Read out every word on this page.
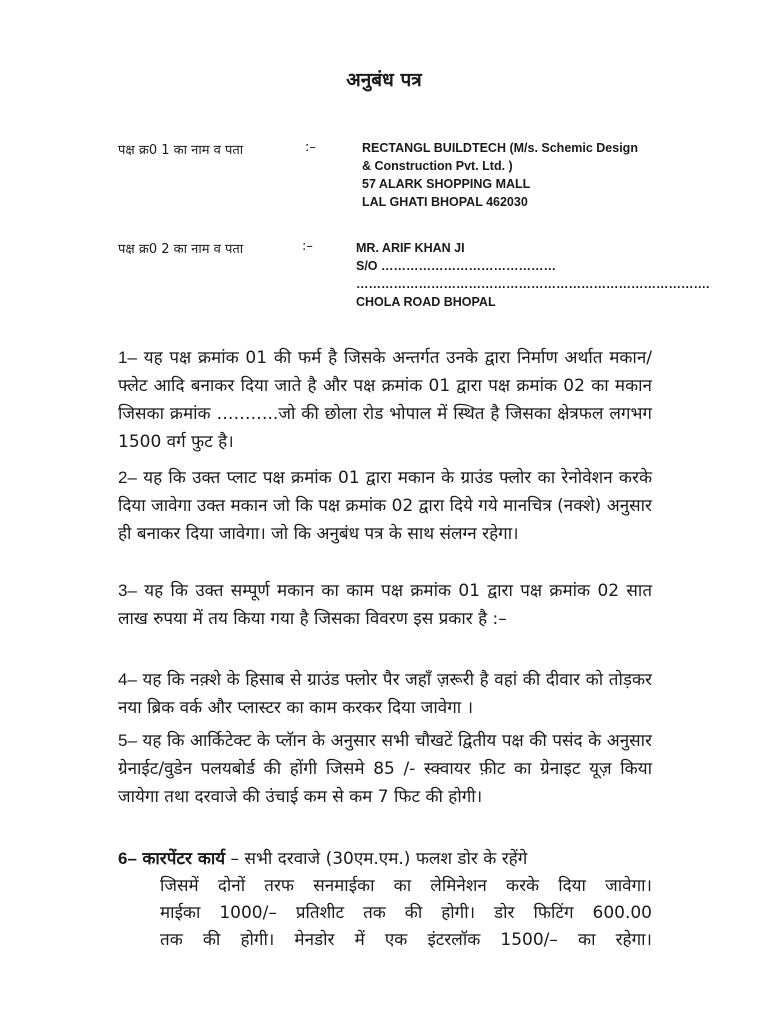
अनुबंध पत्र
पक्ष क्र0 1 का नाम व पता	:–	RECTANGL BUILDTECH (M/s. Schemic Design
& Construction Pvt. Ltd. )
57 ALARK SHOPPING MALL
LAL GHATI BHOPAL 462030
पक्ष क्र0 2 का नाम व पता	:–	MR. ARIF KHAN JI
S/O ……………………………………
………………………………………………………………………….
CHOLA ROAD BHOPAL
1– यह पक्ष क्रमांक 01 की फर्म है जिसके अन्तर्गत उनके द्वारा निर्माण अर्थात मकान/फ्लेट आदि बनाकर दिया जाते है और पक्ष क्रमांक 01 द्वारा पक्ष क्रमांक 02 का मकान जिसका क्रमांक ………..जो की छोला रोड भोपाल में स्थित है जिसका क्षेत्रफल लगभग 1500 वर्ग फुट है।
2– यह कि उक्त प्लाट पक्ष क्रमांक 01 द्वारा मकान के ग्राउंड फ्लोर का रेनोवेशन करके दिया जावेगा उक्त मकान जो कि पक्ष क्रमांक 02 द्वारा दिये गये मानचित्र (नक्शे) अनुसार ही बनाकर दिया जावेगा। जो कि अनुबंध पत्र के साथ संलग्न रहेगा।
3– यह कि उक्त सम्पूर्ण मकान का काम पक्ष क्रमांक 01 द्वारा पक्ष क्रमांक 02 सात लाख रुपया में तय किया गया है जिसका विवरण इस प्रकार है :–
4– यह कि नक़्शे के हिसाब से ग्राउंड फ्लोर पैर जहाँ ज़रूरी है वहां की दीवार को तोड़कर नया ब्रिक वर्क और प्लास्टर का काम करकर दिया जावेगा ।
5– यह कि आर्किटेक्ट के प्लॅान के अनुसार सभी चौखटें द्वितीय पक्ष की पसंद के अनुसार ग्रेनाईट/वुडेन पलयबोर्ड की होंगी जिसमे 85 /- स्क्वायर फ़ीट का ग्रेनाइट यूज़ किया जायेगा तथा दरवाजे की उंचाई कम से कम 7 फिट की होगी।
6– कारपेंटर कार्य – सभी दरवाजे (30एम.एम.) फलश डोर के रहेंगे
जिसमें दोनों तरफ सनमाईका का लेमिनेशन करके दिया जावेगा।
माईका 1000/– प्रतिशीट तक की होगी। डोर फिटिंग 600.00
तक की होगी। मेनडोर में एक इंटरलॉक 1500/– का रहेगा।
